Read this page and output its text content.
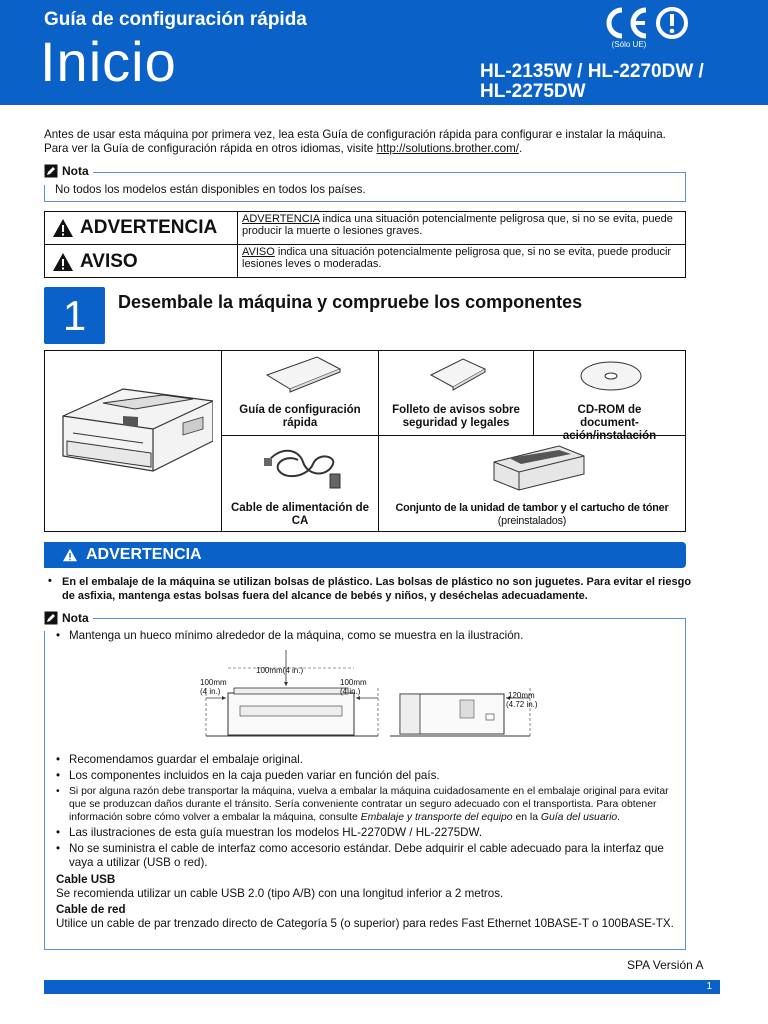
Guía de configuración rápida
Inicio	(Sólo UE)
HL-2135W / HL-2270DW /
HL-2275DW
Antes de usar esta máquina por primera vez, lea esta Guía de configuración rápida para configurar e instalar la máquina.
Para ver la Guía de configuración rápida en otros idiomas, visite http://solutions.brother.com/.
Nota
No todos los modelos están disponibles en todos los países.
ADVERTENCIA ADVERTENCIA indica una situación potencialmente peligrosa que, si no se evita, puede producir la muerte o lesiones graves.
AVISO	AVISO indica una situación potencialmente peligrosa que, si no se evita, puede producir lesiones leves o moderadas.
1	Desembale la máquina y compruebe los componentes
Guía de configuración rápida
Folleto de avisos sobre seguridad y legales
CD-ROM de document- ación/instalación
Cable de alimentación de CA
Conjunto de la unidad de tambor y el cartucho de tóner
(preinstalados)
ADVERTENCIA
• En el embalaje de la máquina se utilizan bolsas de plástico. Las bolsas de plástico no son juguetes. Para evitar el riesgo de asfixia, mantenga estas bolsas fuera del alcance de bebés y niños, y deséchelas adecuadamente.
Nota
• Mantenga un hueco mínimo alrededor de la máquina, como se muestra en la ilustración.
100mm(4 in.)
100mm
(4 in.)
100mm
(4 in.)	120mm
(4.72 in.)
• Recomendamos guardar el embalaje original.
• Los componentes incluidos en la caja pueden variar en función del país.
• Si por alguna razón debe transportar la máquina, vuelva a embalar la máquina cuidadosamente en el embalaje original para evitar que se produzcan daños durante el tránsito. Sería conveniente contratar un seguro adecuado con el transportista. Para obtener información sobre cómo volver a embalar la máquina, consulte Embalaje y transporte del equipo en la Guía del usuario.
• Las ilustraciones de esta guía muestran los modelos HL-2270DW / HL-2275DW.
• No se suministra el cable de interfaz como accesorio estándar. Debe adquirir el cable adecuado para la interfaz que vaya a utilizar (USB o red).
Cable USB
Se recomienda utilizar un cable USB 2.0 (tipo A/B) con una longitud inferior a 2 metros.
Cable de red
Utilice un cable de par trenzado directo de Categoría 5 (o superior) para redes Fast Ethernet 10BASE-T o 100BASE-TX.
SPA Versión A
1
